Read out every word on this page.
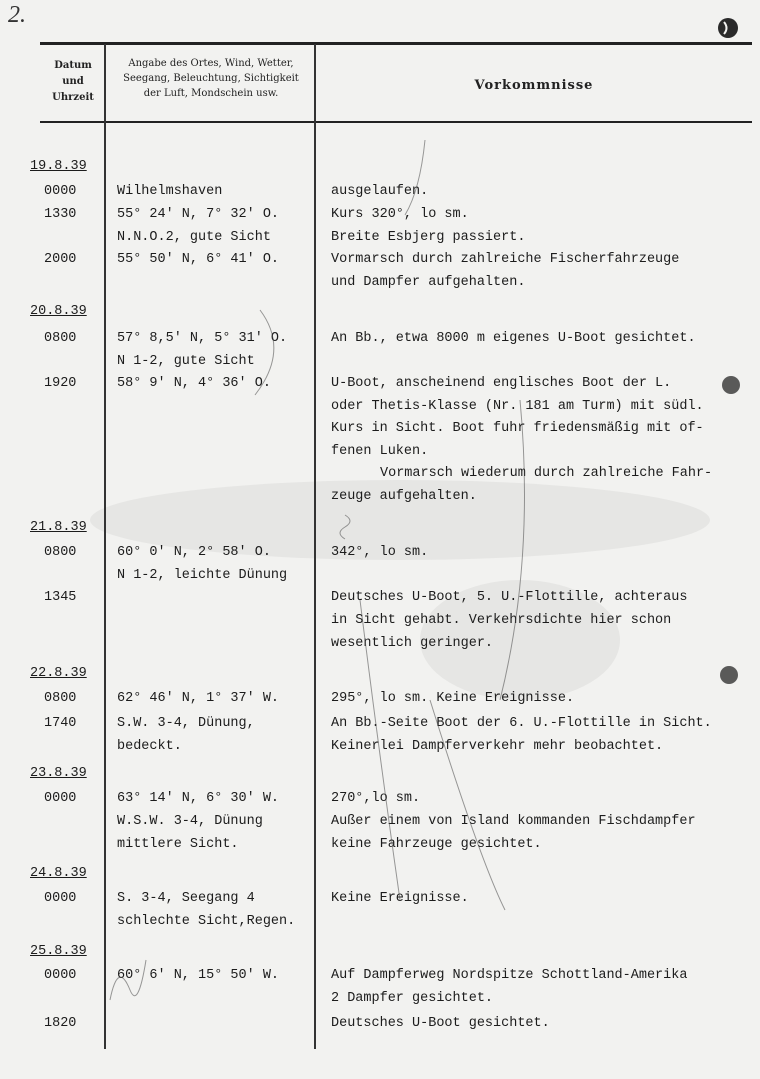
2.
Datum
und
Uhrzeit
Angabe des Ortes, Wind, Wetter,
Seegang, Beleuchtung, Sichtigkeit
der Luft, Mondschein usw.
Vorkommnisse
19.8.39
20.8.39
21.8.39
22.8.39
23.8.39
24.8.39
25.8.39
0000
1330
2000
0800
1920
0800
1345
0800
1740
0000
0000
0000
1820
Wilhelmshaven
55° 24' N, 7° 32' O.
N.N.O.2, gute Sicht
55° 50' N, 6° 41' O.
57° 8,5' N, 5° 31' O.
N 1-2, gute Sicht
58° 9' N, 4° 36' O.
60° 0' N, 2° 58' O.
N 1-2, leichte Dünung
62° 46' N, 1° 37' W.
S.W. 3-4, Dünung,
bedeckt.
63° 14' N, 6° 30' W.
W.S.W. 3-4, Dünung
mittlere Sicht.
S. 3-4, Seegang 4
schlechte Sicht,Regen.
60° 6' N, 15° 50' W.
ausgelaufen.
Kurs 320°, lo sm.
Breite Esbjerg passiert.
Vormarsch durch zahlreiche Fischerfahrzeuge
und Dampfer aufgehalten.
An Bb., etwa 8000 m eigenes U-Boot gesichtet.
U-Boot, anscheinend englisches Boot der L.
oder Thetis-Klasse (Nr. 181 am Turm) mit südl.
Kurs in Sicht. Boot fuhr friedensmäßig mit of-
fenen Luken.
Vormarsch wiederum durch zahlreiche Fahr-
zeuge aufgehalten.
342°, lo sm.
Deutsches U-Boot, 5. U.-Flottille, achteraus
in Sicht gehabt. Verkehrsdichte hier schon
wesentlich geringer.
295°, lo sm. Keine Ereignisse.
An Bb.-Seite Boot der 6. U.-Flottille in Sicht.
Keinerlei Dampferverkehr mehr beobachtet.
270°,lo sm.
Außer einem von Island kommanden Fischdampfer
keine Fahrzeuge gesichtet.
Keine Ereignisse.
Auf Dampferweg Nordspitze Schottland-Amerika
2 Dampfer gesichtet.
Deutsches U-Boot gesichtet.
